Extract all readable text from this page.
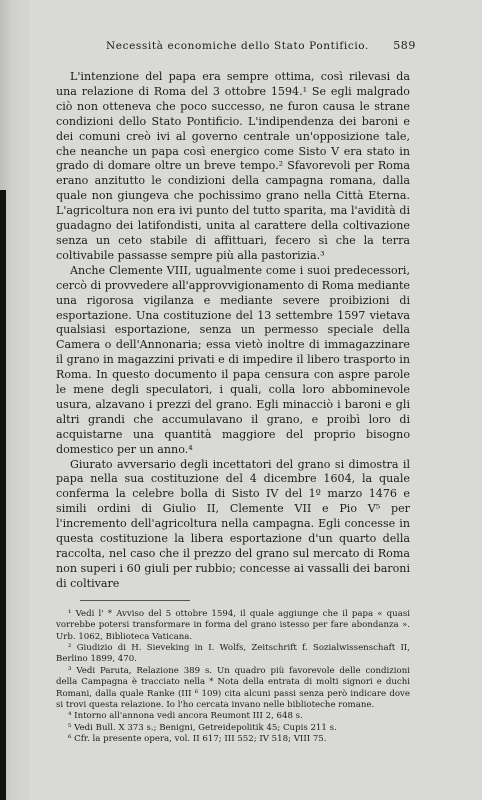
Necessità economiche dello Stato Pontificio. 589

L'intenzione del papa era sempre ottima, così rilevasi da una relazione di Roma del 3 ottobre 1594.¹ Se egli malgrado ciò non otteneva che poco successo, ne furon causa le strane condizioni dello Stato Pontificio. L'indipendenza dei baroni e dei comuni creò ivi al governo centrale un'opposizione tale, che neanche un papa così energico come Sisto V era stato in grado di domare oltre un breve tempo.² Sfavorevoli per Roma erano anzitutto le condizioni della campagna romana, dalla quale non giungeva che pochissimo grano nella Città Eterna. L'agricoltura non era ivi punto del tutto sparita, ma l'avidità di guadagno dei latifondisti, unita al carattere della coltivazione senza un ceto stabile di affittuari, fecero sì che la terra coltivabile passasse sempre più alla pastorizia.³

Anche Clemente VIII, ugualmente come i suoi predecessori, cercò di provvedere all'approvvigionamento di Roma mediante una rigorosa vigilanza e mediante severe proibizioni di esportazione. Una costituzione del 13 settembre 1597 vietava qualsiasi esportazione, senza un permesso speciale della Camera o dell'Annonaria; essa vietò inoltre di immagazzinare il grano in magazzini privati e di impedire il libero trasporto in Roma. In questo documento il papa censura con aspre parole le mene degli speculatori, i quali, colla loro abbominevole usura, alzavano i prezzi del grano. Egli minacciò i baroni e gli altri grandi che accumulavano il grano, e proibì loro di acquistarne una quantità maggiore del proprio bisogno domestico per un anno.⁴

Giurato avversario degli incettatori del grano si dimostra il papa nella sua costituzione del 4 dicembre 1604, la quale conferma la celebre bolla di Sisto IV del 1º marzo 1476 e simili ordini di Giulio II, Clemente VII e Pio V⁵ per l'incremento dell'agricoltura nella campagna. Egli concesse in questa costituzione la libera esportazione d'un quarto della raccolta, nel caso che il prezzo del grano sul mercato di Roma non superi i 60 giuli per rubbio; concesse ai vassalli dei baroni di coltivare

¹ Vedi l' * Avviso del 5 ottobre 1594, il quale aggiunge che il papa « quasi vorrebbe potersi transformare in forma del grano istesso per fare abondanza ». Urb. 1062, Biblioteca Vaticana.

² Giudizio di H. Sieveking in I. Wolfs, Zeitschrift f. Sozialwissenschaft II, Berlino 1899, 470.

³ Vedi Paruta, Relazione 389 s. Un quadro più favorevole delle condizioni della Campagna è tracciato nella * Nota della entrata di molti signori e duchi Romani, dalla quale Ranke (III ⁶ 109) cita alcuni passi senza però indicare dove si trovi questa relazione. Io l'ho cercata invano nelle biblioteche romane.

⁴ Intorno all'annona vedi ancora Reumont III 2, 648 s.

⁵ Vedi Bull. X 373 s.; Benigni, Getreidepolitik 45; Cupis 211 s.

⁶ Cfr. la presente opera, vol. II 617; III 552; IV 518; VIII 75.
